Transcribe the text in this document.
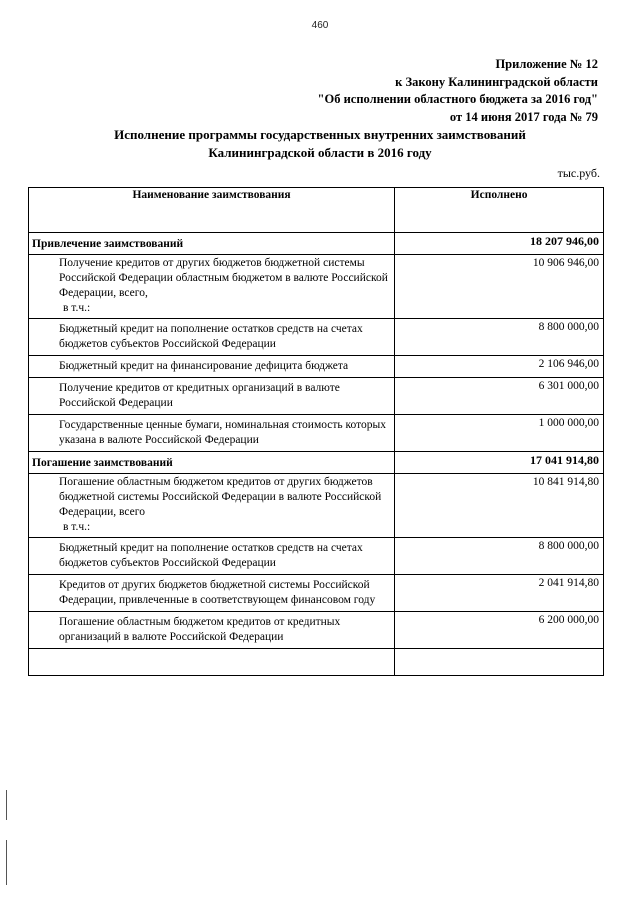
460
Приложение № 12
к Закону Калининградской области
"Об исполнении областного бюджета за 2016 год"
от 14 июня 2017 года № 79
Исполнение программы государственных внутренних заимствований
Калининградской области в 2016 году
тыс.руб.
Наименование заимствования	Исполнено
Привлечение заимствований	18 207 946,00
Получение кредитов от других бюджетов бюджетной системы Российской Федерации областным бюджетом в валюте Российской Федерации, всего,
в т.ч.:	10 906 946,00
Бюджетный кредит на пополнение остатков средств на счетах бюджетов субъектов Российской Федерации	8 800 000,00
Бюджетный кредит на финансирование дефицита бюджета	2 106 946,00
Получение кредитов от кредитных организаций в валюте Российской Федерации	6 301 000,00
Государственные ценные бумаги, номинальная стоимость которых указана в валюте Российской Федерации	1 000 000,00
Погашение заимствований	17 041 914,80
Погашение областным бюджетом кредитов от других бюджетов бюджетной системы Российской Федерации в валюте Российской Федерации, всего
в т.ч.:	10 841 914,80
Бюджетный кредит на пополнение остатков средств на счетах бюджетов субъектов Российской Федерации	8 800 000,00
Кредитов от других бюджетов бюджетной системы Российской Федерации, привлеченные в соответствующем финансовом году	2 041 914,80
Погашение областным бюджетом кредитов от кредитных организаций в валюте Российской Федерации	6 200 000,00
